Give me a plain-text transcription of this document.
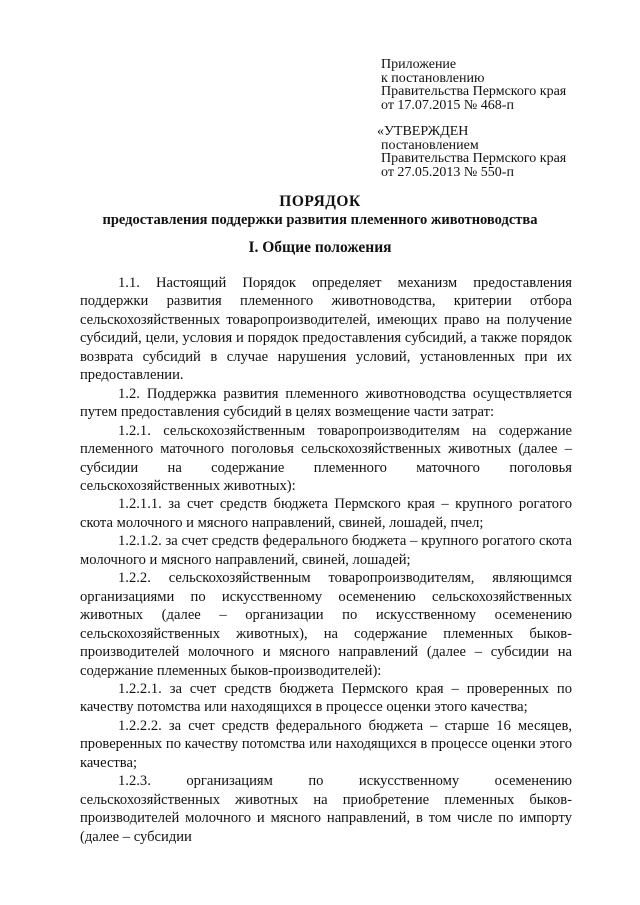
Приложение
к постановлению
Правительства Пермского края
от 17.07.2015 № 468-п
«УТВЕРЖДЕН
постановлением
Правительства Пермского края
от 27.05.2013 № 550-п
ПОРЯДОК
предоставления поддержки развития племенного животноводства
I. Общие положения

1.1. Настоящий Порядок определяет механизм предоставления поддержки развития племенного животноводства, критерии отбора сельскохозяйственных товаропроизводителей, имеющих право на получение субсидий, цели, условия и порядок предоставления субсидий, а также порядок возврата субсидий в случае нарушения условий, установленных при их предоставлении.

1.2. Поддержка развития племенного животноводства осуществляется путем предоставления субсидий в целях возмещение части затрат:

1.2.1. сельскохозяйственным товаропроизводителям на содержание племенного маточного поголовья сельскохозяйственных животных (далее – субсидии на содержание племенного маточного поголовья сельскохозяйственных животных):

1.2.1.1. за счет средств бюджета Пермского края – крупного рогатого скота молочного и мясного направлений, свиней, лошадей, пчел;

1.2.1.2. за счет средств федерального бюджета – крупного рогатого скота молочного и мясного направлений, свиней, лошадей;

1.2.2. сельскохозяйственным товаропроизводителям, являющимся организациями по искусственному осеменению сельскохозяйственных животных (далее – организации по искусственному осеменению сельскохозяйственных животных), на содержание племенных быков-производителей молочного и мясного направлений (далее – субсидии на содержание племенных быков-производителей):

1.2.2.1. за счет средств бюджета Пермского края – проверенных по качеству потомства или находящихся в процессе оценки этого качества;

1.2.2.2. за счет средств федерального бюджета – старше 16 месяцев, проверенных по качеству потомства или находящихся в процессе оценки этого качества;

1.2.3. организациям по искусственному осеменению сельскохозяйственных животных на приобретение племенных быков-производителей молочного и мясного направлений, в том числе по импорту (далее – субсидии
